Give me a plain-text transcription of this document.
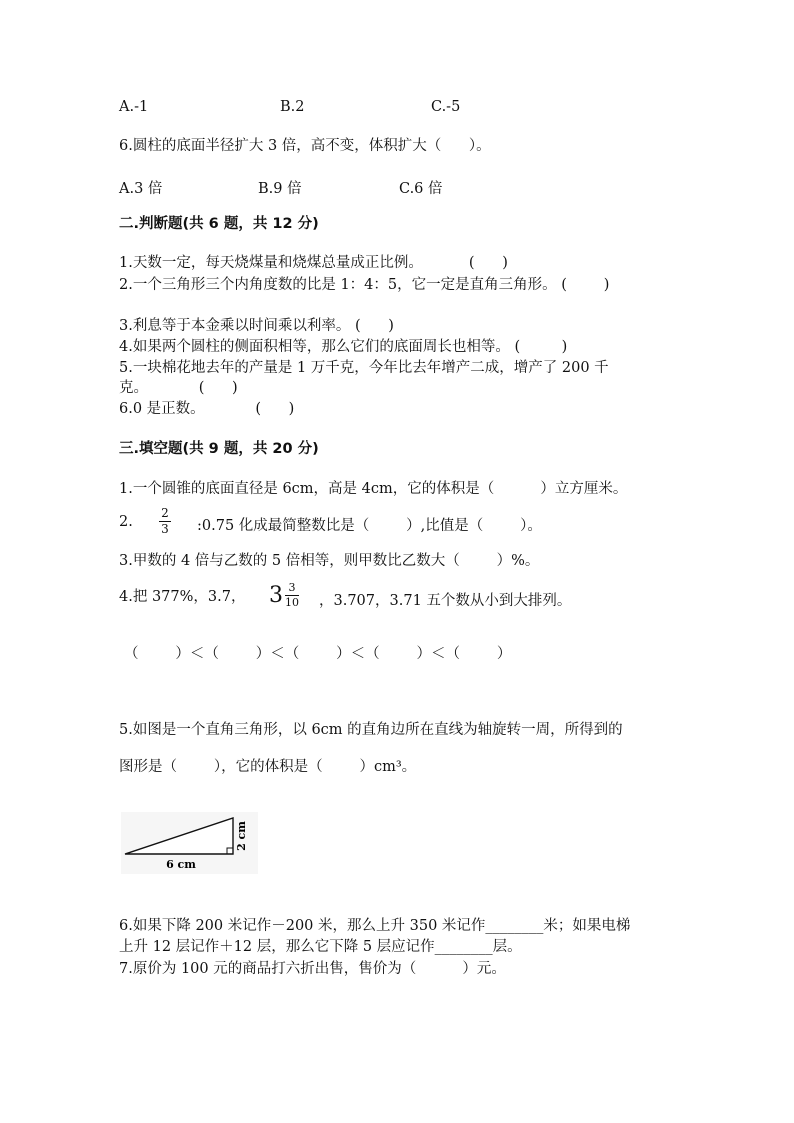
A.-1	B.2	C.-5
6.圆柱的底面半径扩大 3 倍，高不变，体积扩大（      ）。
A.3 倍	B.9 倍	C.6 倍
二.判断题(共 6 题，共 12 分)
1.天数一定，每天烧煤量和烧煤总量成正比例。          (      )
2.一个三角形三个内角度数的比是 1：4：5，它一定是直角三角形。 (        )
3.利息等于本金乘以时间乘以利率。 (      )
4.如果两个圆柱的侧面积相等，那么它们的底面周长也相等。 (         )
5.一块棉花地去年的产量是 1 万千克，今年比去年增产二成，增产了 200 千
克。           (      )
6.0 是正数。           (      )
三.填空题(共 9 题，共 20 分)
1.一个圆锥的底面直径是 6cm，高是 4cm，它的体积是（          ）立方厘米。
2.
2
3 :0.75 化成最简整数比是（        ）,比值是（        ）。
3.甲数的 4 倍与乙数的 5 倍相等，则甲数比乙数大（        ）%。
4.把 377%，3.7， $3 \frac{3}{10}$ ，3.707，3.71 五个数从小到大排列。
（        ）＜（        ）＜（        ）＜（        ）＜（        ）
5.如图是一个直角三角形，以 6cm 的直角边所在直线为轴旋转一周，所得到的
图形是（        ），它的体积是（        ）cm³。
6 cm
2 cm
6.如果下降 200 米记作－200 米，那么上升 350 米记作________米；如果电梯
上升 12 层记作＋12 层，那么它下降 5 层应记作________层。
7.原价为 100 元的商品打六折出售，售价为（          ）元。
